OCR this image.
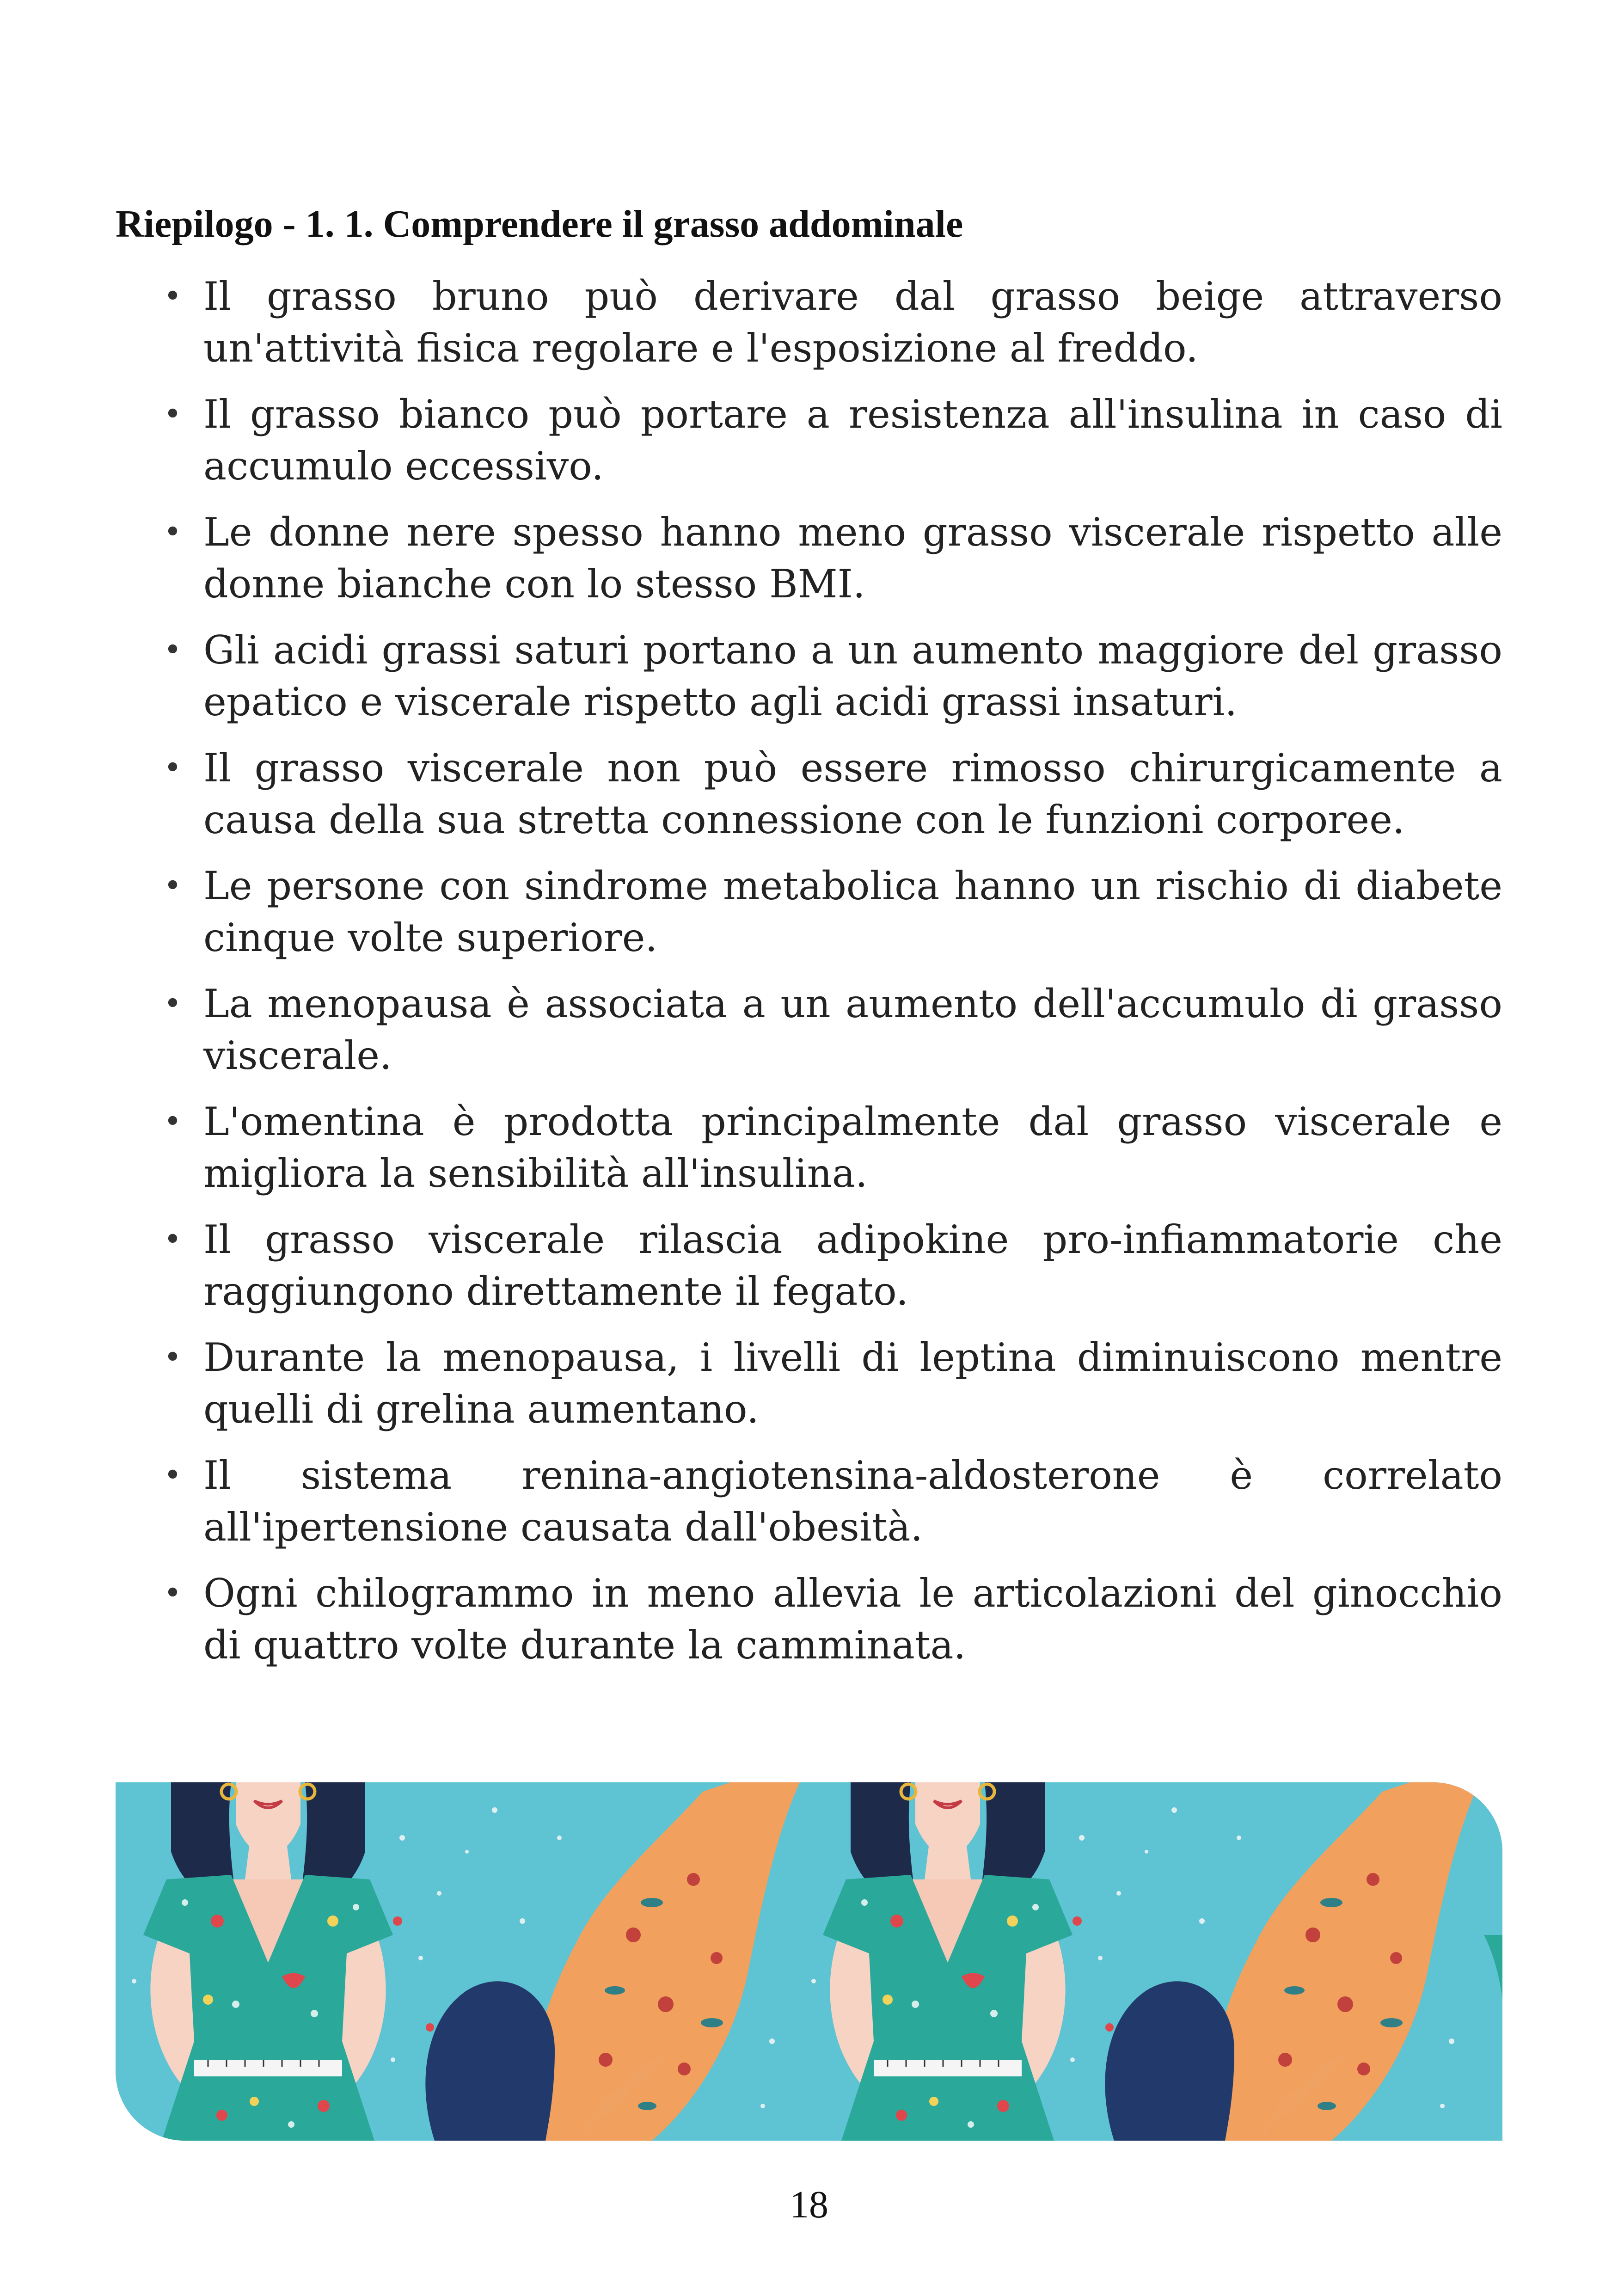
Riepilogo - 1. 1. Comprendere il grasso addominale
• Il grasso bruno può derivare dal grasso beige attraverso un'attività fisica regolare e l'esposizione al freddo.
• Il grasso bianco può portare a resistenza all'insulina in caso di accumulo eccessivo.
• Le donne nere spesso hanno meno grasso viscerale rispetto alle donne bianche con lo stesso BMI.
• Gli acidi grassi saturi portano a un aumento maggiore del grasso epatico e viscerale rispetto agli acidi grassi insaturi.
• Il grasso viscerale non può essere rimosso chirurgicamente a causa della sua stretta connessione con le funzioni corporee.
• Le persone con sindrome metabolica hanno un rischio di diabete cinque volte superiore.
• La menopausa è associata a un aumento dell'accumulo di grasso viscerale.
• L'omentina è prodotta principalmente dal grasso viscerale e migliora la sensibilità all'insulina.
• Il grasso viscerale rilascia adipokine pro-infiammatorie che raggiungono direttamente il fegato.
• Durante la menopausa, i livelli di leptina diminuiscono mentre quelli di grelina aumentano.
• Il sistema renina-angiotensina-aldosterone è correlato all'ipertensione causata dall'obesità.
• Ogni chilogrammo in meno allevia le articolazioni del ginocchio di quattro volte durante la camminata.
18
